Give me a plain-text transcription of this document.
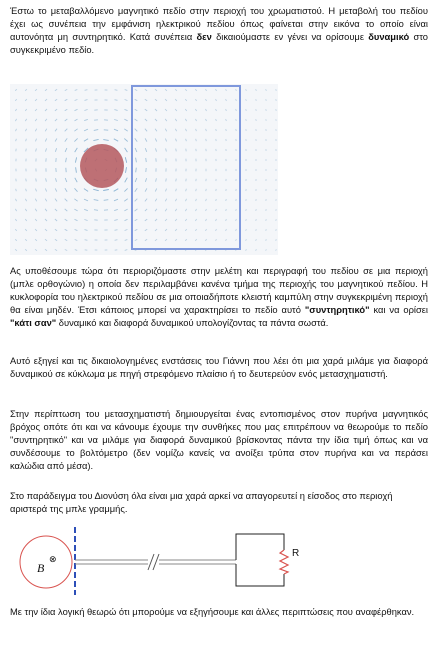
Έστω το μεταβαλλόμενο μαγνητικό πεδίο στην περιοχή του χρωματιστού. Η μεταβολή του πεδίου έχει ως συνέπεια την εμφάνιση ηλεκτρικού πεδίου όπως φαίνεται στην εικόνα το οποίο είναι αυτονόητα μη συντηρητικό. Κατά συνέπεια δεν δικαιούμαστε εν γένει να ορίσουμε δυναμικό στο συγκεκριμένο πεδίο.

Ας υποθέσουμε τώρα ότι περιοριζόμαστε στην μελέτη και περιγραφή του πεδίου σε μια περιοχή (μπλε ορθογώνιο) η οποία δεν περιλαμβάνει κανένα τμήμα της περιοχής του μαγνητικού πεδίου. Η κυκλοφορία του ηλεκτρικού πεδίου σε μια οποιαδήποτε κλειστή καμπύλη στην συγκεκριμένη περιοχή θα είναι μηδέν. Έτσι κάποιος μπορεί να χαρακτηρίσει το πεδίο αυτό "συντηρητικό" και να ορίσει "κάτι σαν" δυναμικό και διαφορά δυναμικού υπολογίζοντας τα πάντα σωστά.

Αυτό εξηγεί και τις δικαιολογημένες ενστάσεις του Γιάννη που λέει ότι μια χαρά μιλάμε για διαφορά δυναμικού σε κύκλωμα με πηγή στρεφόμενο πλαίσιο ή το δευτερεύον ενός μετασχηματιστή.

Στην περίπτωση του μετασχηματιστή δημιουργείται ένας εντοπισμένος στον πυρήνα μαγνητικός βρόχος οπότε ότι και να κάνουμε έχουμε την συνθήκες που μας επιτρέπουν να θεωρούμε το πεδίο "συντηρητικό" και να μιλάμε για διαφορά δυναμικού βρίσκοντας πάντα την ίδια τιμή όπως και να συνδέσουμε το βολτόμετρο (δεν νομίζω κανείς να ανοίξει τρύπα στον πυρήνα και να περάσει καλώδια από μέσα).

Στο παράδειγμα του Διονύση όλα είναι μια χαρά αρκεί να απαγορευτεί η είσοδος στο περιοχή αριστερά της μπλε γραμμής.

B
⊗
R

Με την ίδια λογική θεωρώ ότι μπορούμε να εξηγήσουμε και άλλες περιπτώσεις που αναφέρθηκαν.
